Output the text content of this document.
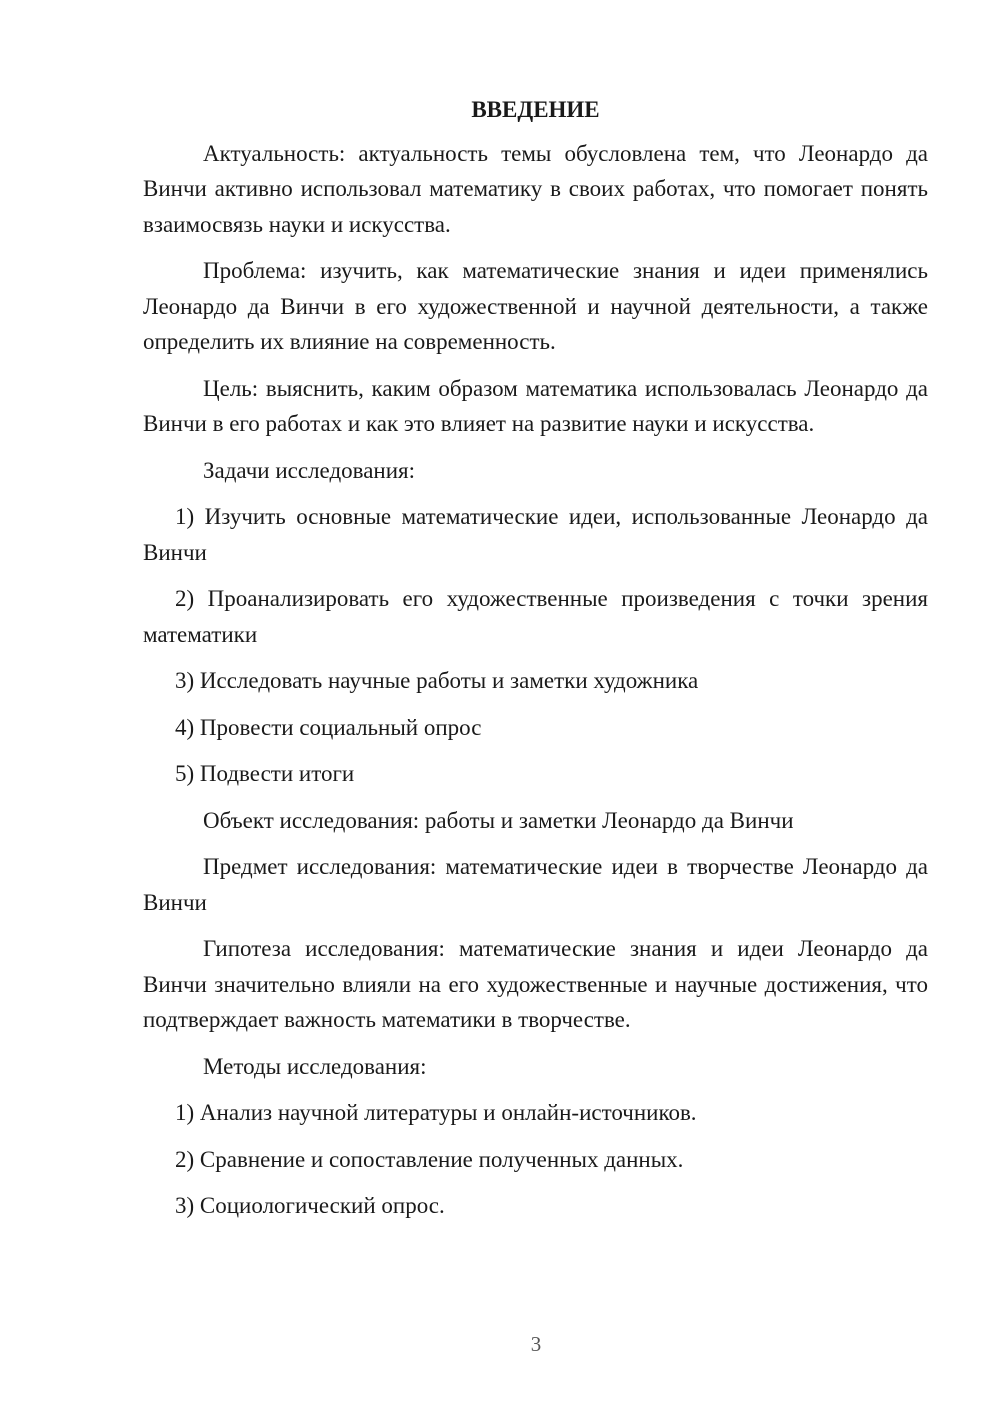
ВВЕДЕНИЕ

Актуальность: актуальность темы обусловлена тем, что Леонардо да Винчи активно использовал математику в своих работах, что помогает понять взаимосвязь науки и искусства.

Проблема: изучить, как математические знания и идеи применялись Леонардо да Винчи в его художественной и научной деятельности, а также определить их влияние на современность.

Цель: выяснить, каким образом математика использовалась Леонардо да Винчи в его работах и как это влияет на развитие науки и искусства.

Задачи исследования:

1) Изучить основные математические идеи, использованные Леонардо да Винчи

2) Проанализировать его художественные произведения с точки зрения математики

3) Исследовать научные работы и заметки художника

4) Провести социальный опрос

5) Подвести итоги

Объект исследования: работы и заметки Леонардо да Винчи

Предмет исследования: математические идеи в творчестве Леонардо да Винчи

Гипотеза исследования: математические знания и идеи Леонардо да Винчи значительно влияли на его художественные и научные достижения, что подтверждает важность математики в творчестве.

Методы исследования:

1) Анализ научной литературы и онлайн-источников.

2) Сравнение и сопоставление полученных данных.

3) Социологический опрос.

3
